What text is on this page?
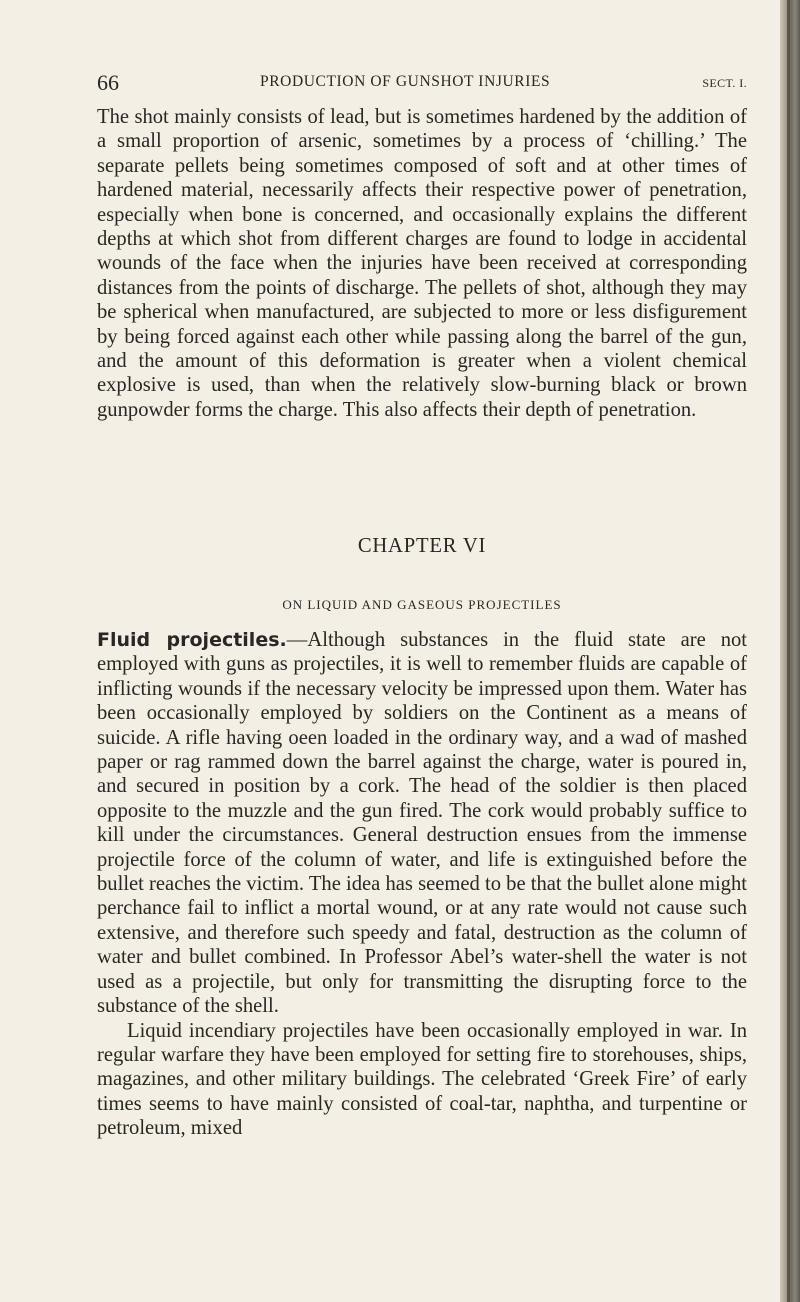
66	PRODUCTION OF GUNSHOT INJURIES	SECT. I.

The shot mainly consists of lead, but is sometimes hardened by the addition of a small proportion of arsenic, sometimes by a process of ‘chilling.’ The separate pellets being sometimes composed of soft and at other times of hardened material, necessarily affects their respective power of penetration, especially when bone is concerned, and occasionally explains the different depths at which shot from different charges are found to lodge in accidental wounds of the face when the injuries have been received at corresponding distances from the points of discharge. The pellets of shot, although they may be spherical when manufactured, are subjected to more or less disfigurement by being forced against each other while passing along the barrel of the gun, and the amount of this deformation is greater when a violent chemical explosive is used, than when the relatively slow-burning black or brown gunpowder forms the charge. This also affects their depth of penetration.

CHAPTER VI
ON LIQUID AND GASEOUS PROJECTILES

Fluid projectiles.—Although substances in the fluid state are not employed with guns as projectiles, it is well to remember fluids are capable of inflicting wounds if the necessary velocity be impressed upon them. Water has been occasionally employed by soldiers on the Continent as a means of suicide. A rifle having oeen loaded in the ordinary way, and a wad of mashed paper or rag rammed down the barrel against the charge, water is poured in, and secured in position by a cork. The head of the soldier is then placed opposite to the muzzle and the gun fired. The cork would probably suffice to kill under the circumstances. General destruction ensues from the immense projectile force of the column of water, and life is extinguished before the bullet reaches the victim. The idea has seemed to be that the bullet alone might perchance fail to inflict a mortal wound, or at any rate would not cause such extensive, and therefore such speedy and fatal, destruction as the column of water and bullet combined. In Professor Abel’s water-shell the water is not used as a projectile, but only for transmitting the disrupting force to the substance of the shell.

Liquid incendiary projectiles have been occasionally employed in war. In regular warfare they have been employed for setting fire to storehouses, ships, magazines, and other military buildings. The celebrated ‘Greek Fire’ of early times seems to have mainly consisted of coal-tar, naphtha, and turpentine or petroleum, mixed
